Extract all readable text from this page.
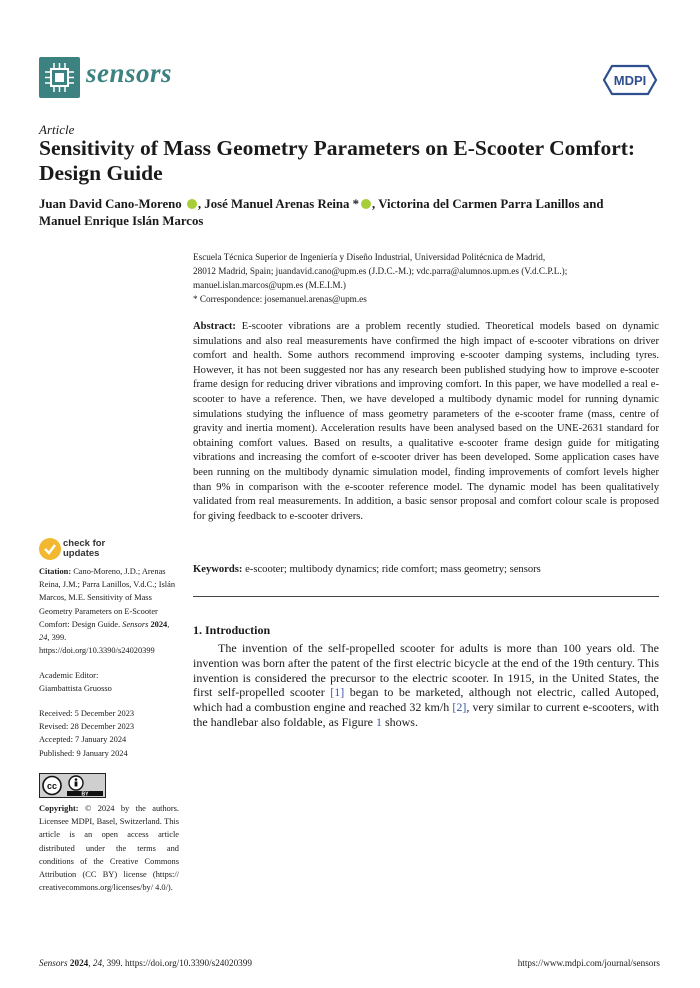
sensors	MDPI
Article
Sensitivity of Mass Geometry Parameters on E-Scooter Comfort: Design Guide
Juan David Cano-Moreno , José Manuel Arenas Reina * , Victorina del Carmen Parra Lanillos and
Manuel Enrique Islán Marcos
Escuela Técnica Superior de Ingeniería y Diseño Industrial, Universidad Politécnica de Madrid,
28012 Madrid, Spain; juandavid.cano@upm.es (J.D.C.-M.); vdc.parra@alumnos.upm.es (V.d.C.P.L.);
manuel.islan.marcos@upm.es (M.E.I.M.)
* Correspondence: josemanuel.arenas@upm.es
Abstract: E-scooter vibrations are a problem recently studied. Theoretical models based on dynamic simulations and also real measurements have confirmed the high impact of e-scooter vibrations on driver comfort and health. Some authors recommend improving e-scooter damping systems, including tyres. However, it has not been suggested nor has any research been published studying how to improve e-scooter frame design for reducing driver vibrations and improving comfort. In this paper, we have modelled a real e-scooter to have a reference. Then, we have developed a multibody dynamic model for running dynamic simulations studying the influence of mass geometry parameters of the e-scooter frame (mass, centre of gravity and inertia moment). Acceleration results have been analysed based on the UNE-2631 standard for obtaining comfort values. Based on results, a qualitative e-scooter frame design guide for mitigating vibrations and increasing the comfort of e-scooter driver has been developed. Some application cases have been running on the multibody dynamic simulation model, finding improvements of comfort levels higher than 9% in comparison with the e-scooter reference model. The dynamic model has been qualitatively validated from real measurements. In addition, a basic sensor proposal and comfort colour scale is proposed for giving feedback to e-scooter drivers.
Keywords: e-scooter; multibody dynamics; ride comfort; mass geometry; sensors
1. Introduction
The invention of the self-propelled scooter for adults is more than 100 years old. The invention was born after the patent of the first electric bicycle at the end of the 19th century. This invention is considered the precursor to the electric scooter. In 1915, in the United States, the first self-propelled scooter [1] began to be marketed, although not electric, called Autoped, which had a combustion engine and reached 32 km/h [2], very similar to current e-scooters, with the handlebar also foldable, as Figure 1 shows.
check for
updates
Citation: Cano-Moreno, J.D.; Arenas Reina, J.M.; Parra Lanillos, V.d.C.; Islán Marcos, M.E. Sensitivity of Mass Geometry Parameters on E-Scooter Comfort: Design Guide. Sensors 2024, 24, 399. https://doi.org/10.3390/s24020399
Academic Editor:
Giambattista Gruosso
Received: 5 December 2023
Revised: 28 December 2023
Accepted: 7 January 2024
Published: 9 January 2024
cc
BY
Copyright: © 2024 by the authors. Licensee MDPI, Basel, Switzerland. This article is an open access article distributed under the terms and conditions of the Creative Commons Attribution (CC BY) license (https:// creativecommons.org/licenses/by/ 4.0/).
Sensors 2024, 24, 399. https://doi.org/10.3390/s24020399	https://www.mdpi.com/journal/sensors
